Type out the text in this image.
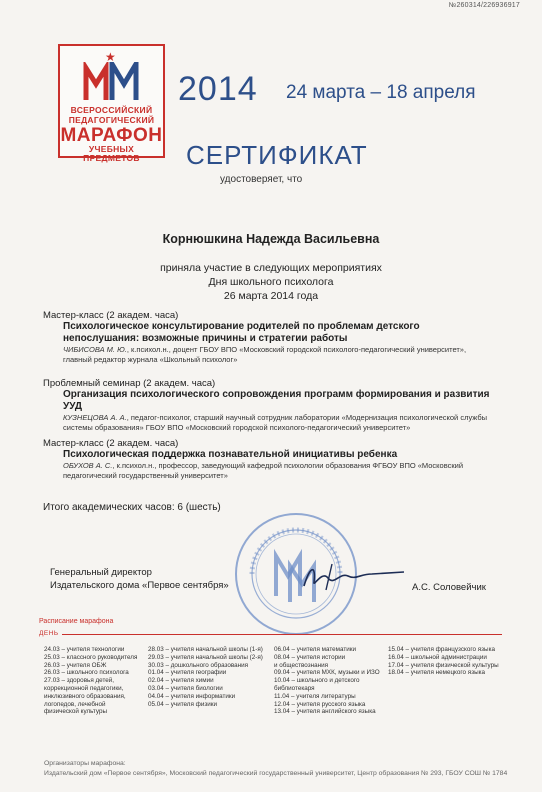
№260314/226936917
★
ВСЕРОССИЙСКИЙ
ПЕДАГОГИЧЕСКИЙ
МАРАФОН
УЧЕБНЫХ ПРЕДМЕТОВ
2014 24 марта – 18 апреля
СЕРТИФИКАТ
удостоверяет, что
Корнюшкина Надежда Васильевна
приняла участие в следующих мероприятиях
Дня школьного психолога
26 марта 2014 года
Мастер-класс (2 академ. часа)
Психологическое консультирование родителей по проблемам детского непослушания: возможные причины и стратегии работы
ЧИБИСОВА М. Ю., к.психол.н., доцент ГБОУ ВПО «Московский городской психолого-педагогический университет», главный редактор журнала «Школьный психолог»
Проблемный семинар (2 академ. часа)
Организация психологического сопровождения программ формирования и развития УУД
КУЗНЕЦОВА А. А., педагог-психолог, старший научный сотрудник лаборатории «Модернизация психологической службы системы образования» ГБОУ ВПО «Московский городской психолого-педагогический университет»
Мастер-класс (2 академ. часа)
Психологическая поддержка познавательной инициативы ребенка
ОБУХОВ А. С., к.психол.н., профессор, заведующий кафедрой психологии образования ФГБОУ ВПО «Московский педагогический государственный университет»
Итого академических часов: 6 (шесть)
Генеральный директор
Издательского дома «Первое сентября»	А.С. Соловейчик
Расписание марафона
ДЕНЬ
24.03 – учителя технологии
25.03 – классного руководителя
26.03 – учителя ОБЖ
26.03 – школьного психолога
27.03 – здоровья детей,
коррекционной педагогики,
инклюзивного образования,
логопедов, лечебной
физической культуры
28.03 – учителя начальной школы (1-я)
29.03 – учителя начальной школы (2-я)
30.03 – дошкольного образования
01.04 – учителя географии
02.04 – учителя химии
03.04 – учителя биологии
04.04 – учителя информатики
05.04 – учителя физики
06.04 – учителя математики
08.04 – учителя истории
и обществознания
09.04 – учителя МХК, музыки и ИЗО
10.04 – школьного и детского
библиотекаря
11.04 – учителя литературы
12.04 – учителя русского языка
13.04 – учителя английского языка
15.04 – учителя французского языка
16.04 – школьной администрации
17.04 – учителя физической культуры
18.04 – учителя немецкого языка
Организаторы марафона:
Издательский дом «Первое сентября», Московский педагогический государственный университет, Центр образования № 293, ГБОУ СОШ № 1784
